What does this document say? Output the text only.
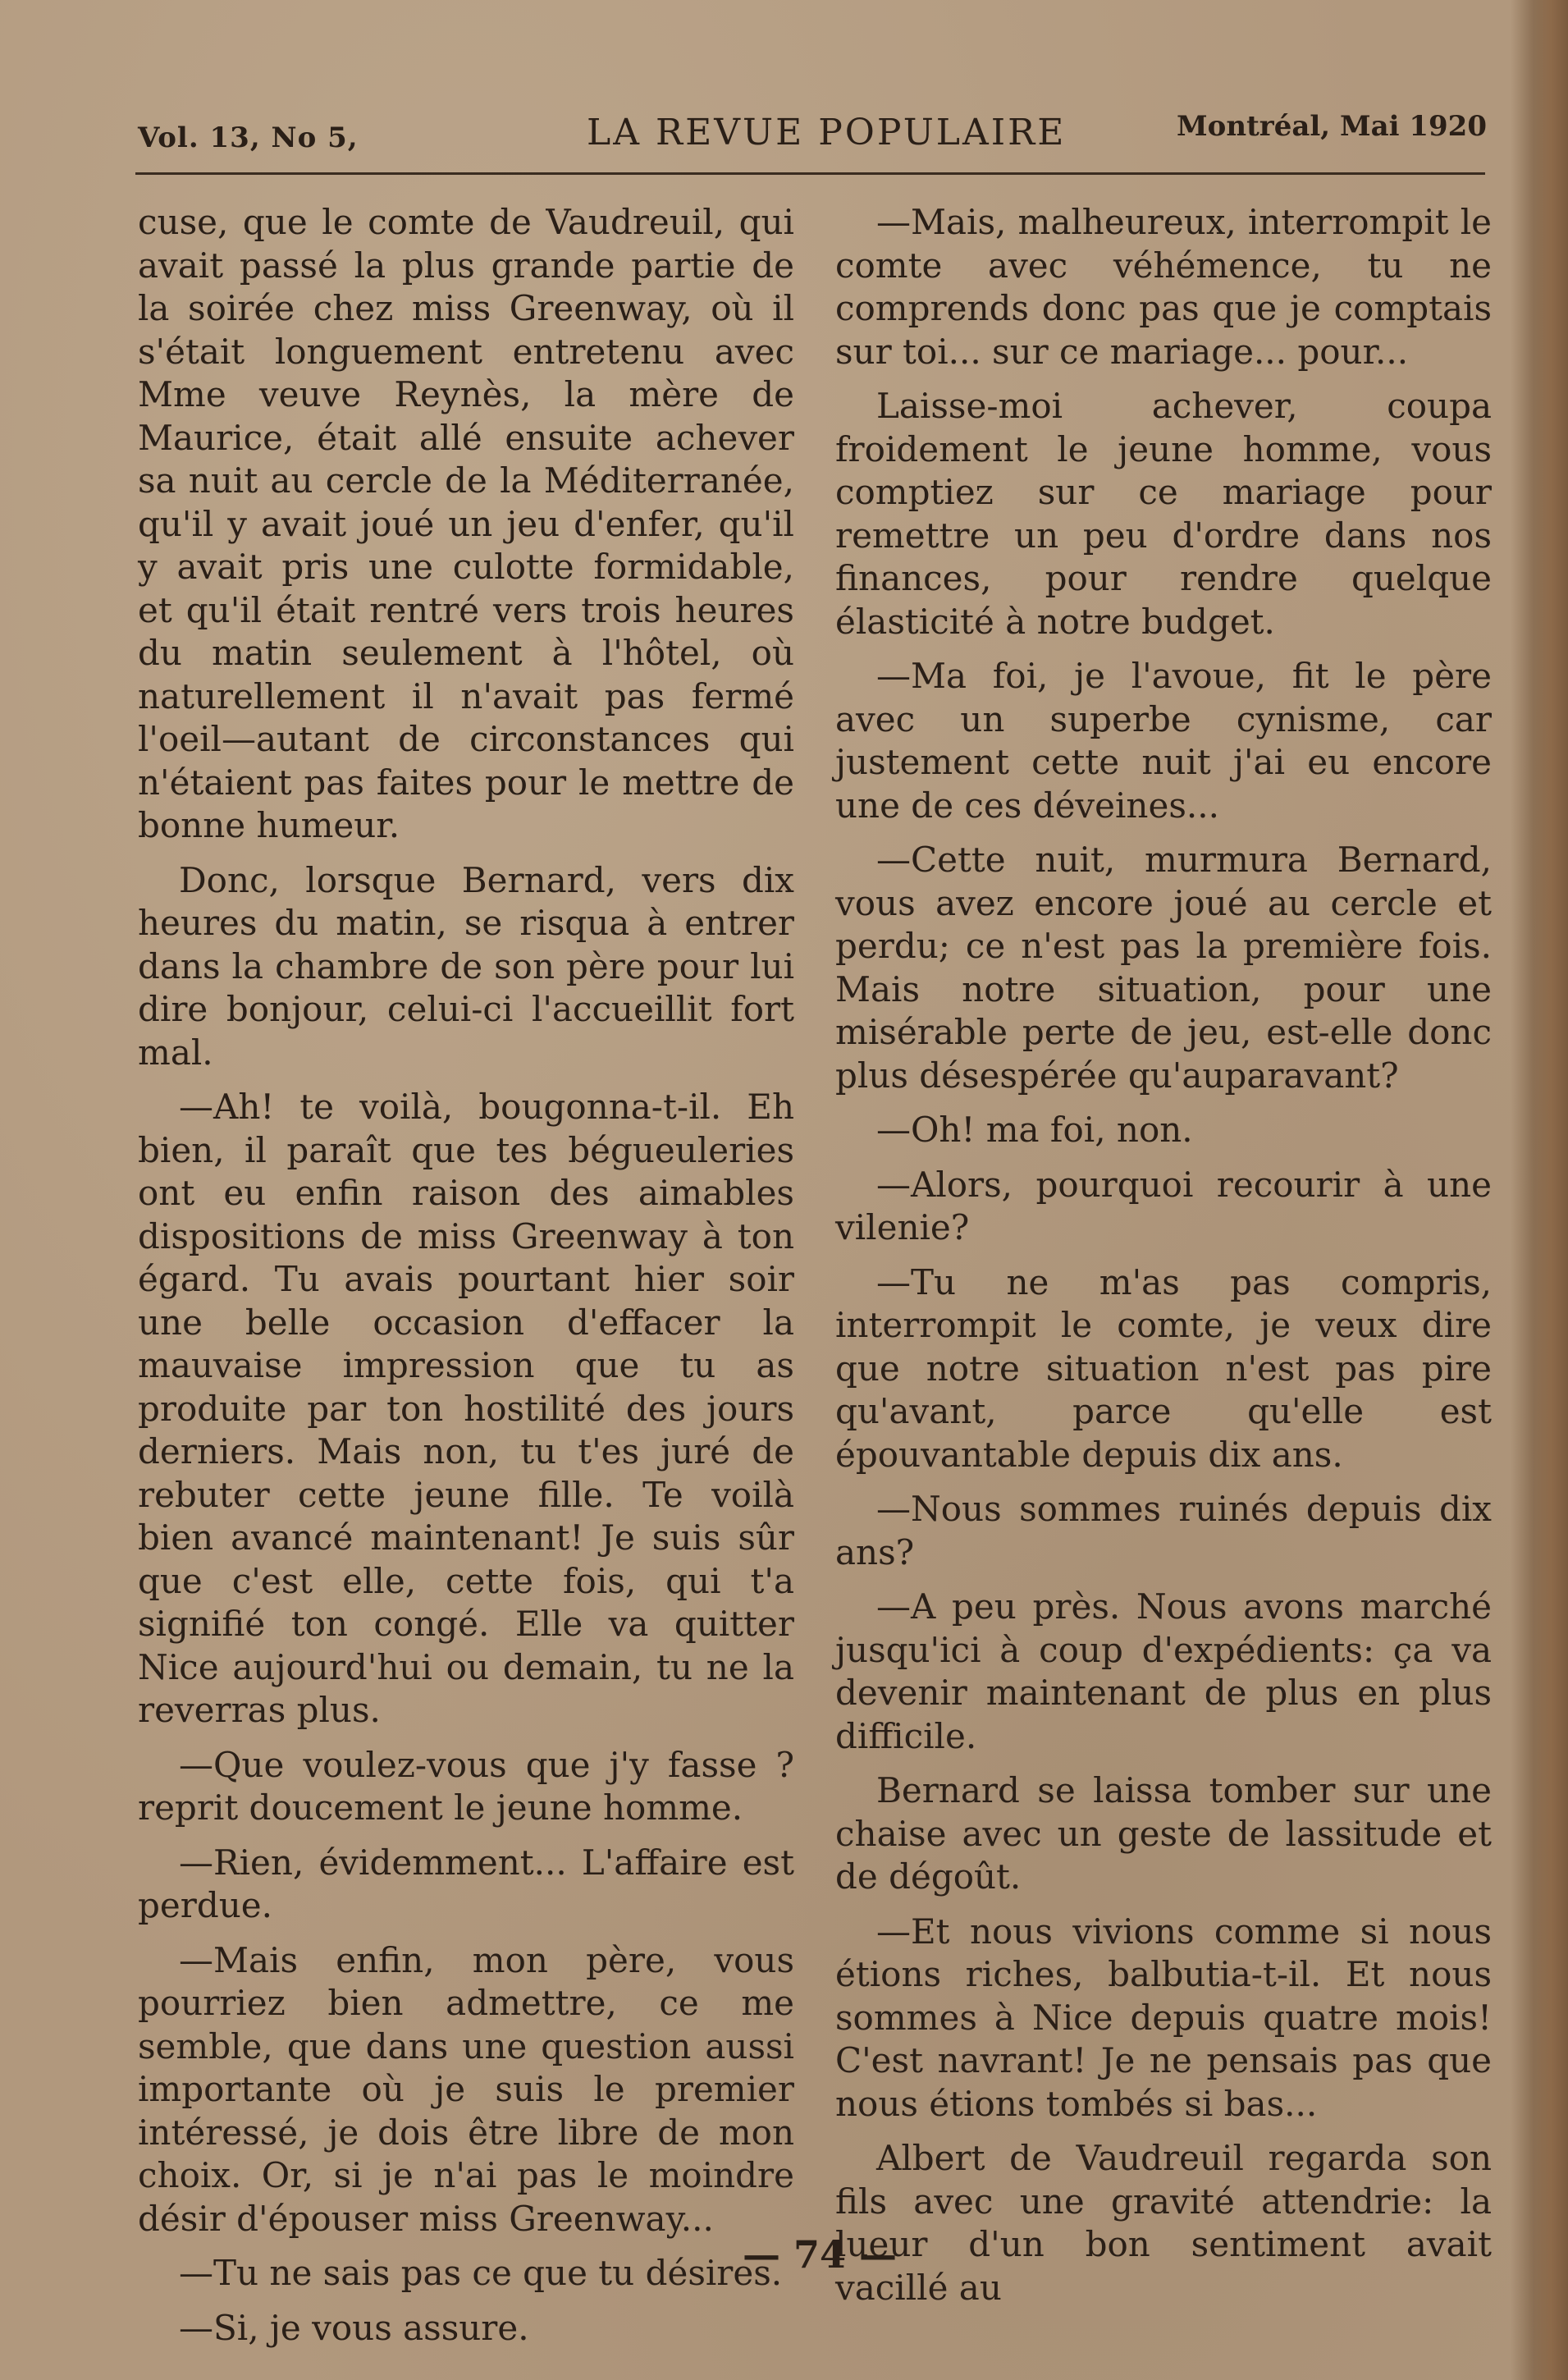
Vol. 13, No 5,	LA REVUE POPULAIRE	Montréal, Mai 1920

cuse, que le comte de Vaudreuil, qui avait passé la plus grande partie de la soirée chez miss Greenway, où il s'était longuement entretenu avec Mme veuve Reynès, la mère de Maurice, était allé ensuite achever sa nuit au cercle de la Méditerranée, qu'il y avait joué un jeu d'enfer, qu'il y avait pris une culotte formidable, et qu'il était rentré vers trois heures du matin seulement à l'hôtel, où naturellement il n'avait pas fermé l'oeil—autant de circonstances qui n'étaient pas faites pour le mettre de bonne humeur.

Donc, lorsque Bernard, vers dix heures du matin, se risqua à entrer dans la chambre de son père pour lui dire bonjour, celui-ci l'accueillit fort mal.

—Ah! te voilà, bougonna-t-il. Eh bien, il paraît que tes bégueuleries ont eu enfin raison des aimables dispositions de miss Greenway à ton égard. Tu avais pourtant hier soir une belle occasion d'effacer la mauvaise impression que tu as produite par ton hostilité des jours derniers. Mais non, tu t'es juré de rebuter cette jeune fille. Te voilà bien avancé maintenant! Je suis sûr que c'est elle, cette fois, qui t'a signifié ton congé. Elle va quitter Nice aujourd'hui ou demain, tu ne la reverras plus.

—Que voulez-vous que j'y fasse ? reprit doucement le jeune homme.

—Rien, évidemment... L'affaire est perdue.

—Mais enfin, mon père, vous pourriez bien admettre, ce me semble, que dans une question aussi importante où je suis le premier intéressé, je dois être libre de mon choix. Or, si je n'ai pas le moindre désir d'épouser miss Greenway...

—Tu ne sais pas ce que tu désires.

—Si, je vous assure.

—Mais, malheureux, interrompit le comte avec véhémence, tu ne comprends donc pas que je comptais sur toi... sur ce mariage... pour...

Laisse-moi achever, coupa froidement le jeune homme, vous comptiez sur ce mariage pour remettre un peu d'ordre dans nos finances, pour rendre quelque élasticité à notre budget.

—Ma foi, je l'avoue, fit le père avec un superbe cynisme, car justement cette nuit j'ai eu encore une de ces déveines...

—Cette nuit, murmura Bernard, vous avez encore joué au cercle et perdu; ce n'est pas la première fois. Mais notre situation, pour une misérable perte de jeu, est-elle donc plus désespérée qu'auparavant?

—Oh! ma foi, non.

—Alors, pourquoi recourir à une vilenie?

—Tu ne m'as pas compris, interrompit le comte, je veux dire que notre situation n'est pas pire qu'avant, parce qu'elle est épouvantable depuis dix ans.

—Nous sommes ruinés depuis dix ans?

—A peu près. Nous avons marché jusqu'ici à coup d'expédients: ça va devenir maintenant de plus en plus difficile.

Bernard se laissa tomber sur une chaise avec un geste de lassitude et de dégoût.

—Et nous vivions comme si nous étions riches, balbutia-t-il. Et nous sommes à Nice depuis quatre mois! C'est navrant! Je ne pensais pas que nous étions tombés si bas...

Albert de Vaudreuil regarda son fils avec une gravité attendrie: la lueur d'un bon sentiment avait vacillé au

— 74 —
